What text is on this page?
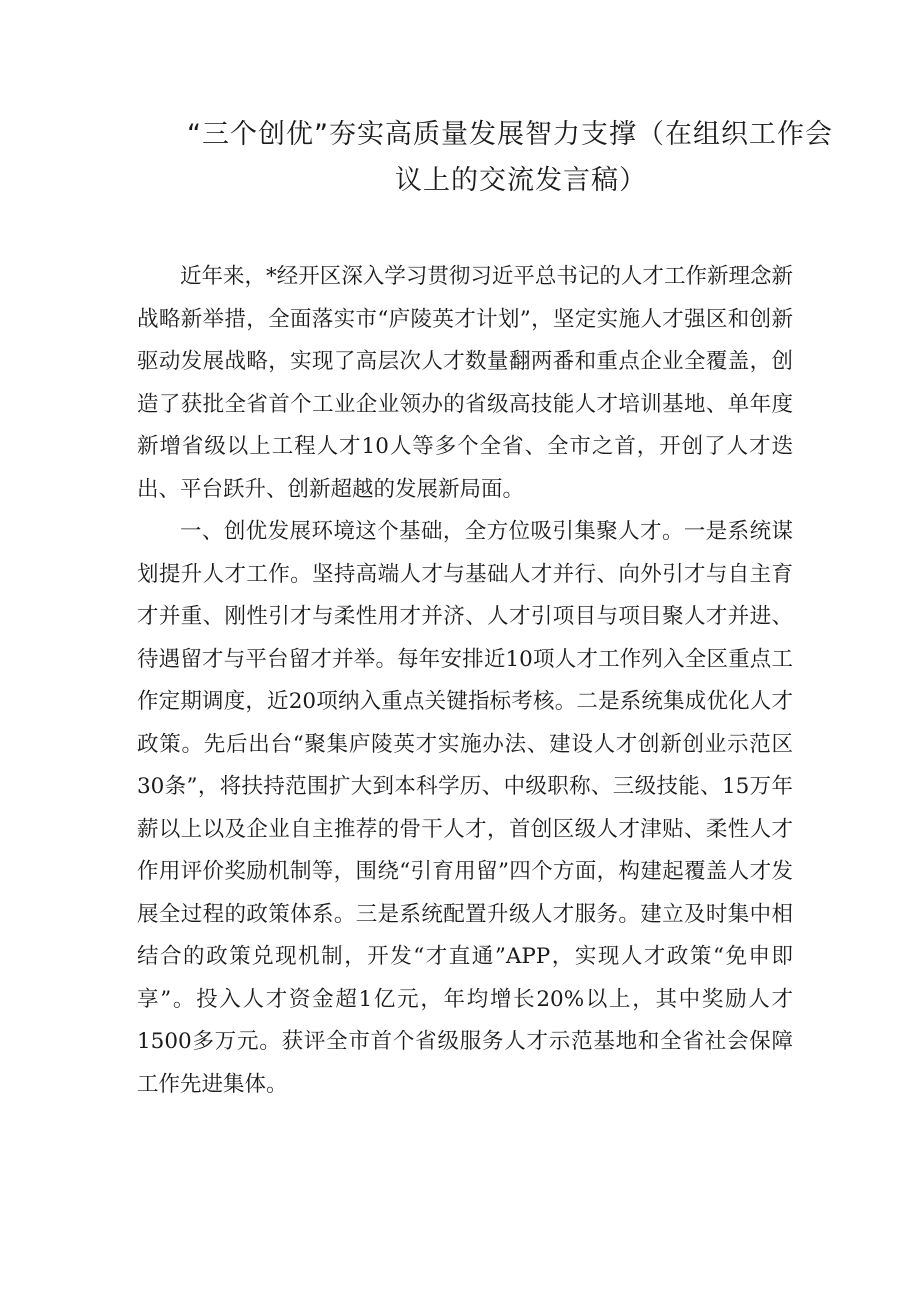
“三个创优”夯实高质量发展智力支撑（在组织工作会
议上的交流发言稿）

近年来，*经开区深入学习贯彻习近平总书记的人才工作新理念新战略新举措，全面落实市“庐陵英才计划”，坚定实施人才强区和创新驱动发展战略，实现了高层次人才数量翻两番和重点企业全覆盖，创造了获批全省首个工业企业领办的省级高技能人才培训基地、单年度新增省级以上工程人才10人等多个全省、全市之首，开创了人才迭出、平台跃升、创新超越的发展新局面。

一、创优发展环境这个基础，全方位吸引集聚人才。一是系统谋划提升人才工作。坚持高端人才与基础人才并行、向外引才与自主育才并重、刚性引才与柔性用才并济、人才引项目与项目聚人才并进、待遇留才与平台留才并举。每年安排近10项人才工作列入全区重点工作定期调度，近20项纳入重点关键指标考核。二是系统集成优化人才政策。先后出台“聚集庐陵英才实施办法、建设人才创新创业示范区30条”，将扶持范围扩大到本科学历、中级职称、三级技能、15万年薪以上以及企业自主推荐的骨干人才，首创区级人才津贴、柔性人才作用评价奖励机制等，围绕“引育用留”四个方面，构建起覆盖人才发展全过程的政策体系。三是系统配置升级人才服务。建立及时集中相结合的政策兑现机制，开发“才直通”APP，实现人才政策“免申即享”。投入人才资金超1亿元，年均增长20%以上，其中奖励人才1500多万元。获评全市首个省级服务人才示范基地和全省社会保障工作先进集体。
